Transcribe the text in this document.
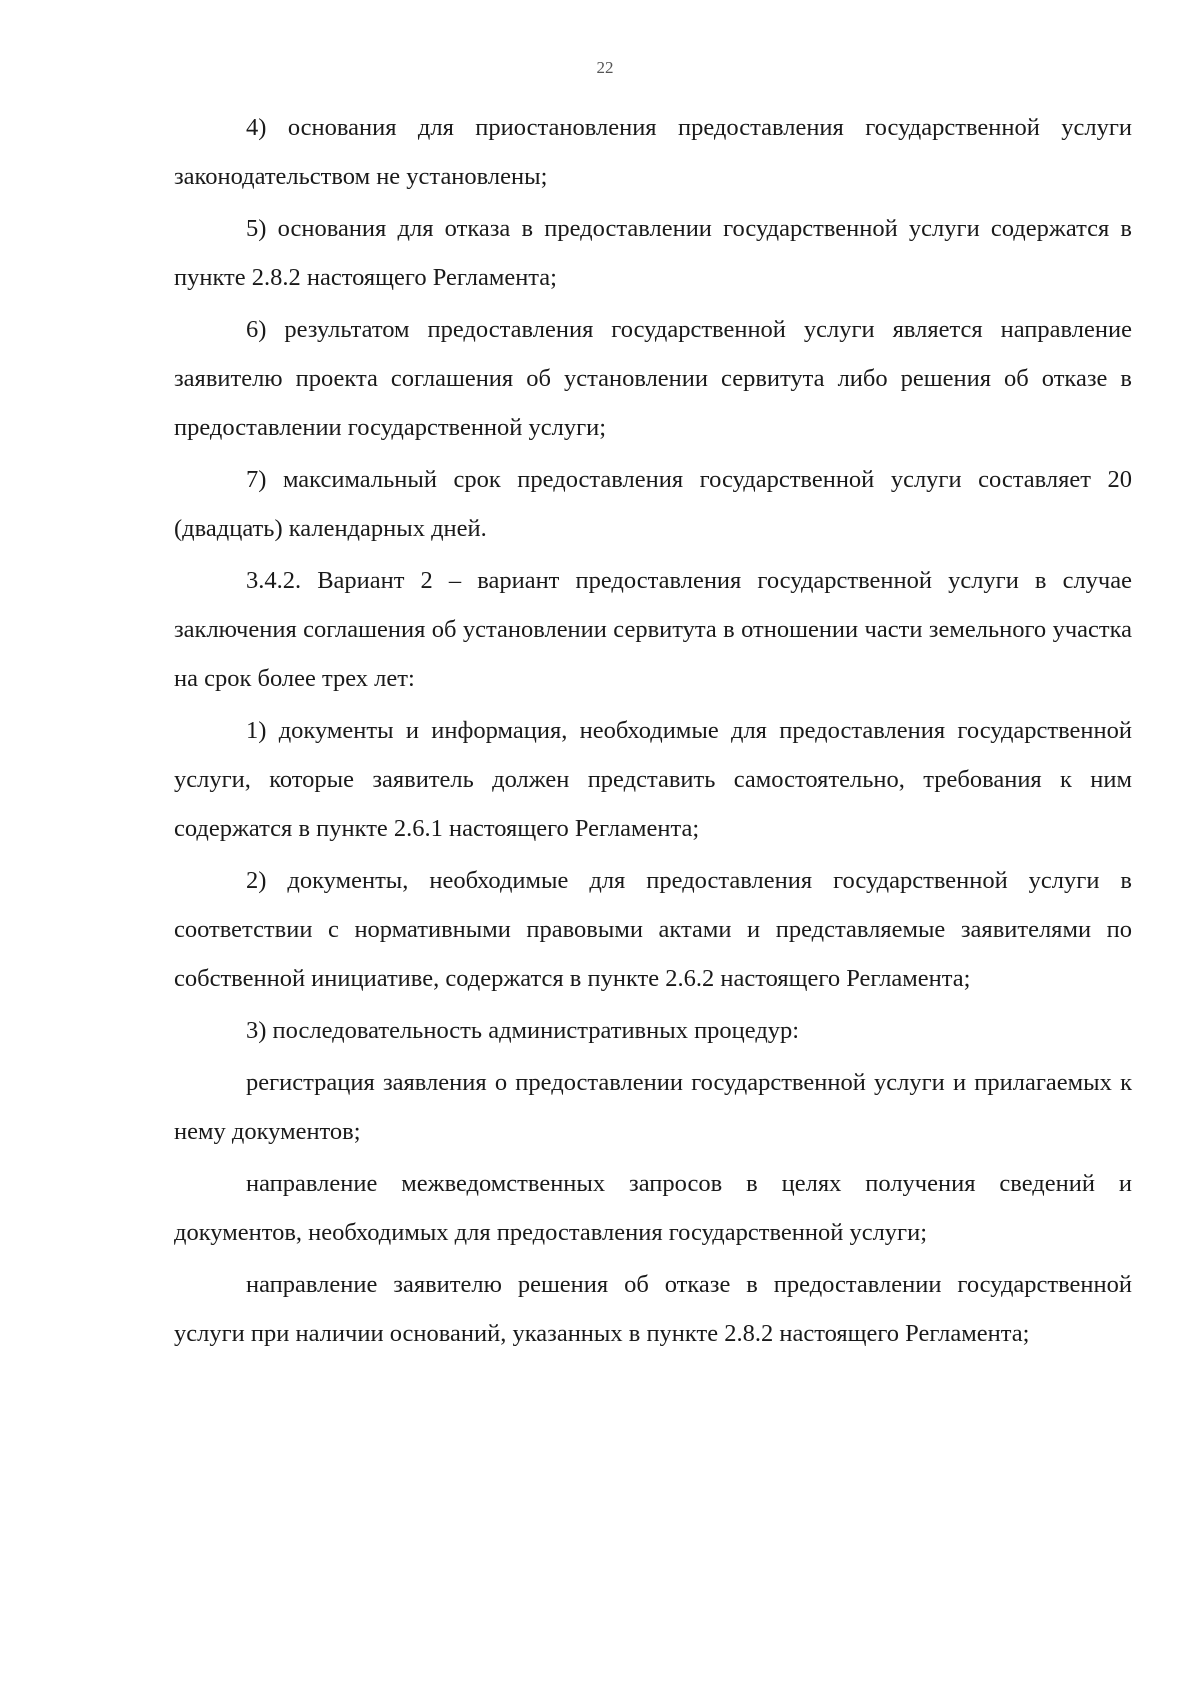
22

4) основания для приостановления предоставления государственной услуги законодательством не установлены;

5) основания для отказа в предоставлении государственной услуги содержатся в пункте 2.8.2 настоящего Регламента;

6) результатом предоставления государственной услуги является направление заявителю проекта соглашения об установлении сервитута либо решения об отказе в предоставлении государственной услуги;

7) максимальный срок предоставления государственной услуги составляет 20 (двадцать) календарных дней.

3.4.2. Вариант 2 – вариант предоставления государственной услуги в случае заключения соглашения об установлении сервитута в отношении части земельного участка на срок более трех лет:

1) документы и информация, необходимые для предоставления государственной услуги, которые заявитель должен представить самостоятельно, требования к ним содержатся в пункте 2.6.1 настоящего Регламента;

2) документы, необходимые для предоставления государственной услуги в соответствии с нормативными правовыми актами и представляемые заявителями по собственной инициативе, содержатся в пункте 2.6.2 настоящего Регламента;

3) последовательность административных процедур:

регистрация заявления о предоставлении государственной услуги и прилагаемых к нему документов;

направление межведомственных запросов в целях получения сведений и документов, необходимых для предоставления государственной услуги;

направление заявителю решения об отказе в предоставлении государственной услуги при наличии оснований, указанных в пункте 2.8.2 настоящего Регламента;
